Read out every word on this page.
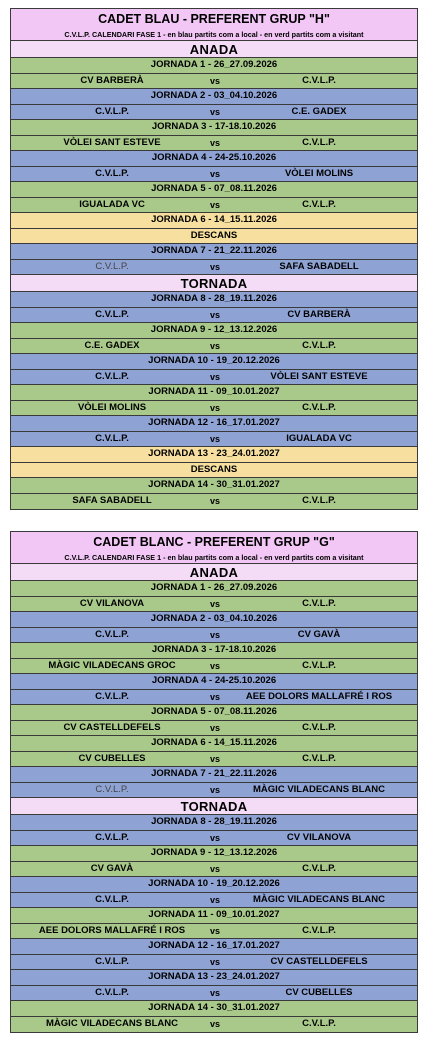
CADET BLAU - PREFERENT GRUP "H"
C.V.L.P. CALENDARI FASE 1 - en blau partits com a local - en verd partits com a visitant
ANADA
JORNADA 1 - 26_27.09.2026
CV BARBERÀ	vs	C.V.L.P.
JORNADA 2 - 03_04.10.2026
C.V.L.P.	vs	C.E. GADEX
JORNADA 3 - 17-18.10.2026
VÒLEI SANT ESTEVE	vs	C.V.L.P.
JORNADA 4 - 24-25.10.2026
C.V.L.P.	vs	VÒLEI MOLINS
JORNADA 5 - 07_08.11.2026
IGUALADA VC	vs	C.V.L.P.
JORNADA 6 - 14_15.11.2026
DESCANS
JORNADA 7 - 21_22.11.2026
C.V.L.P.	vs	SAFA SABADELL
TORNADA
JORNADA 8 - 28_19.11.2026
C.V.L.P.	vs	CV BARBERÀ
JORNADA 9 - 12_13.12.2026
C.E. GADEX	vs	C.V.L.P.
JORNADA 10 - 19_20.12.2026
C.V.L.P.	vs	VÒLEI SANT ESTEVE
JORNADA 11 - 09_10.01.2027
VÒLEI MOLINS	vs	C.V.L.P.
JORNADA 12 - 16_17.01.2027
C.V.L.P.	vs	IGUALADA VC
JORNADA 13 - 23_24.01.2027
DESCANS
JORNADA 14 - 30_31.01.2027
SAFA SABADELL	vs	C.V.L.P.
CADET BLANC - PREFERENT GRUP "G"
C.V.L.P. CALENDARI FASE 1 - en blau partits com a local - en verd partits com a visitant
ANADA
JORNADA 1 - 26_27.09.2026
CV VILANOVA	vs	C.V.L.P.
JORNADA 2 - 03_04.10.2026
C.V.L.P.	vs	CV GAVÀ
JORNADA 3 - 17-18.10.2026
MÀGIC VILADECANS GROC	vs	C.V.L.P.
JORNADA 4 - 24-25.10.2026
C.V.L.P.	vs	AEE DOLORS MALLAFRÉ I ROS
JORNADA 5 - 07_08.11.2026
CV CASTELLDEFELS	vs	C.V.L.P.
JORNADA 6 - 14_15.11.2026
CV CUBELLES	vs	C.V.L.P.
JORNADA 7 - 21_22.11.2026
C.V.L.P.	vs	MÀGIC VILADECANS BLANC
TORNADA
JORNADA 8 - 28_19.11.2026
C.V.L.P.	vs	CV VILANOVA
JORNADA 9 - 12_13.12.2026
CV GAVÀ	vs	C.V.L.P.
JORNADA 10 - 19_20.12.2026
C.V.L.P.	vs	MÀGIC VILADECANS BLANC
JORNADA 11 - 09_10.01.2027
AEE DOLORS MALLAFRÉ I ROS	vs	C.V.L.P.
JORNADA 12 - 16_17.01.2027
C.V.L.P.	vs	CV CASTELLDEFELS
JORNADA 13 - 23_24.01.2027
C.V.L.P.	vs	CV CUBELLES
JORNADA 14 - 30_31.01.2027
MÀGIC VILADECANS BLANC	vs	C.V.L.P.
